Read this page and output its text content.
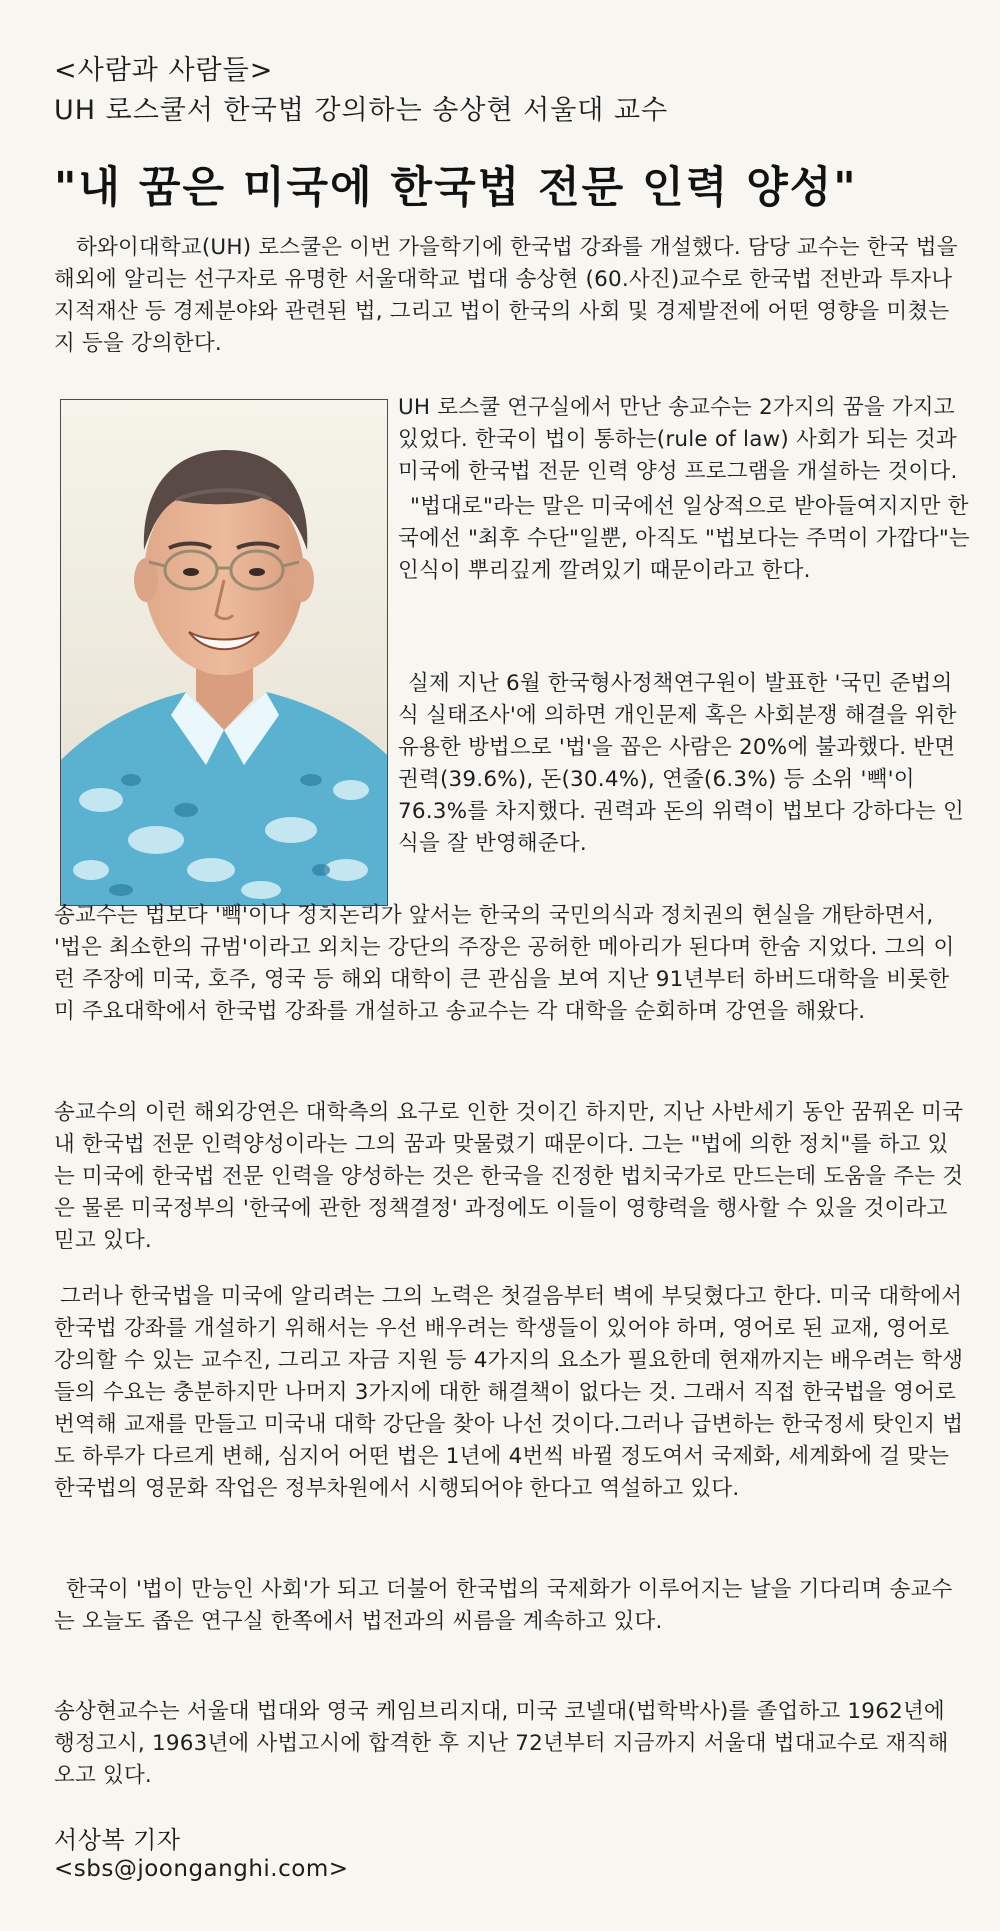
<사람과 사람들>
UH 로스쿨서 한국법 강의하는 송상현 서울대 교수
"내 꿈은 미국에 한국법 전문 인력 양성"

하와이대학교(UH) 로스쿨은 이번 가을학기에 한국법 강좌를 개설했다. 담당 교수는 한국 법을 해외에 알리는 선구자로 유명한 서울대학교 법대 송상현 (60.사진)교수로 한국법 전반과 투자나 지적재산 등 경제분야와 관련된 법, 그리고 법이 한국의 사회 및 경제발전에 어떤 영향을 미쳤는지 등을 강의한다.

UH 로스쿨 연구실에서 만난 송교수는 2가지의 꿈을 가지고 있었다. 한국이 법이 통하는(rule of law) 사회가 되는 것과 미국에 한국법 전문 인력 양성 프로그램을 개설하는 것이다.

"법대로"라는 말은 미국에선 일상적으로 받아들여지지만 한국에선 "최후 수단"일뿐, 아직도 "법보다는 주먹이 가깝다"는 인식이 뿌리깊게 깔려있기 때문이라고 한다.

실제 지난 6월 한국형사정책연구원이 발표한 '국민 준법의식 실태조사'에 의하면 개인문제 혹은 사회분쟁 해결을 위한 유용한 방법으로 '법'을 꼽은 사람은 20%에 불과했다. 반면 권력(39.6%), 돈(30.4%), 연줄(6.3%) 등 소위 '빽'이 76.3%를 차지했다. 권력과 돈의 위력이 법보다 강하다는 인식을 잘 반영해준다.

송교수는 법보다 '빽'이나 정치논리가 앞서는 한국의 국민의식과 정치권의 현실을 개탄하면서, '법은 최소한의 규범'이라고 외치는 강단의 주장은 공허한 메아리가 된다며 한숨 지었다. 그의 이런 주장에 미국, 호주, 영국 등 해외 대학이 큰 관심을 보여 지난 91년부터 하버드대학을 비롯한 미 주요대학에서 한국법 강좌를 개설하고 송교수는 각 대학을 순회하며 강연을 해왔다.

송교수의 이런 해외강연은 대학측의 요구로 인한 것이긴 하지만, 지난 사반세기 동안 꿈꿔온 미국내 한국법 전문 인력양성이라는 그의 꿈과 맞물렸기 때문이다. 그는 "법에 의한 정치"를 하고 있는 미국에 한국법 전문 인력을 양성하는 것은 한국을 진정한 법치국가로 만드는데 도움을 주는 것은 물론 미국정부의 '한국에 관한 정책결정' 과정에도 이들이 영향력을 행사할 수 있을 것이라고 믿고 있다.

그러나 한국법을 미국에 알리려는 그의 노력은 첫걸음부터 벽에 부딪혔다고 한다. 미국 대학에서 한국법 강좌를 개설하기 위해서는 우선 배우려는 학생들이 있어야 하며, 영어로 된 교재, 영어로 강의할 수 있는 교수진, 그리고 자금 지원 등 4가지의 요소가 필요한데 현재까지는 배우려는 학생들의 수요는 충분하지만 나머지 3가지에 대한 해결책이 없다는 것. 그래서 직접 한국법을 영어로 번역해 교재를 만들고 미국내 대학 강단을 찾아 나선 것이다.그러나 급변하는 한국정세 탓인지 법도 하루가 다르게 변해, 심지어 어떤 법은 1년에 4번씩 바뀔 정도여서 국제화, 세계화에 걸 맞는 한국법의 영문화 작업은 정부차원에서 시행되어야 한다고 역설하고 있다.

한국이 '법이 만능인 사회'가 되고 더불어 한국법의 국제화가 이루어지는 날을 기다리며 송교수는 오늘도 좁은 연구실 한쪽에서 법전과의 씨름을 계속하고 있다.

송상현교수는 서울대 법대와 영국 케임브리지대, 미국 코넬대(법학박사)를 졸업하고 1962년에 행정고시, 1963년에 사법고시에 합격한 후 지난 72년부터 지금까지 서울대 법대교수로 재직해오고 있다.

서상복 기자
<sbs@joonganghi.com>
